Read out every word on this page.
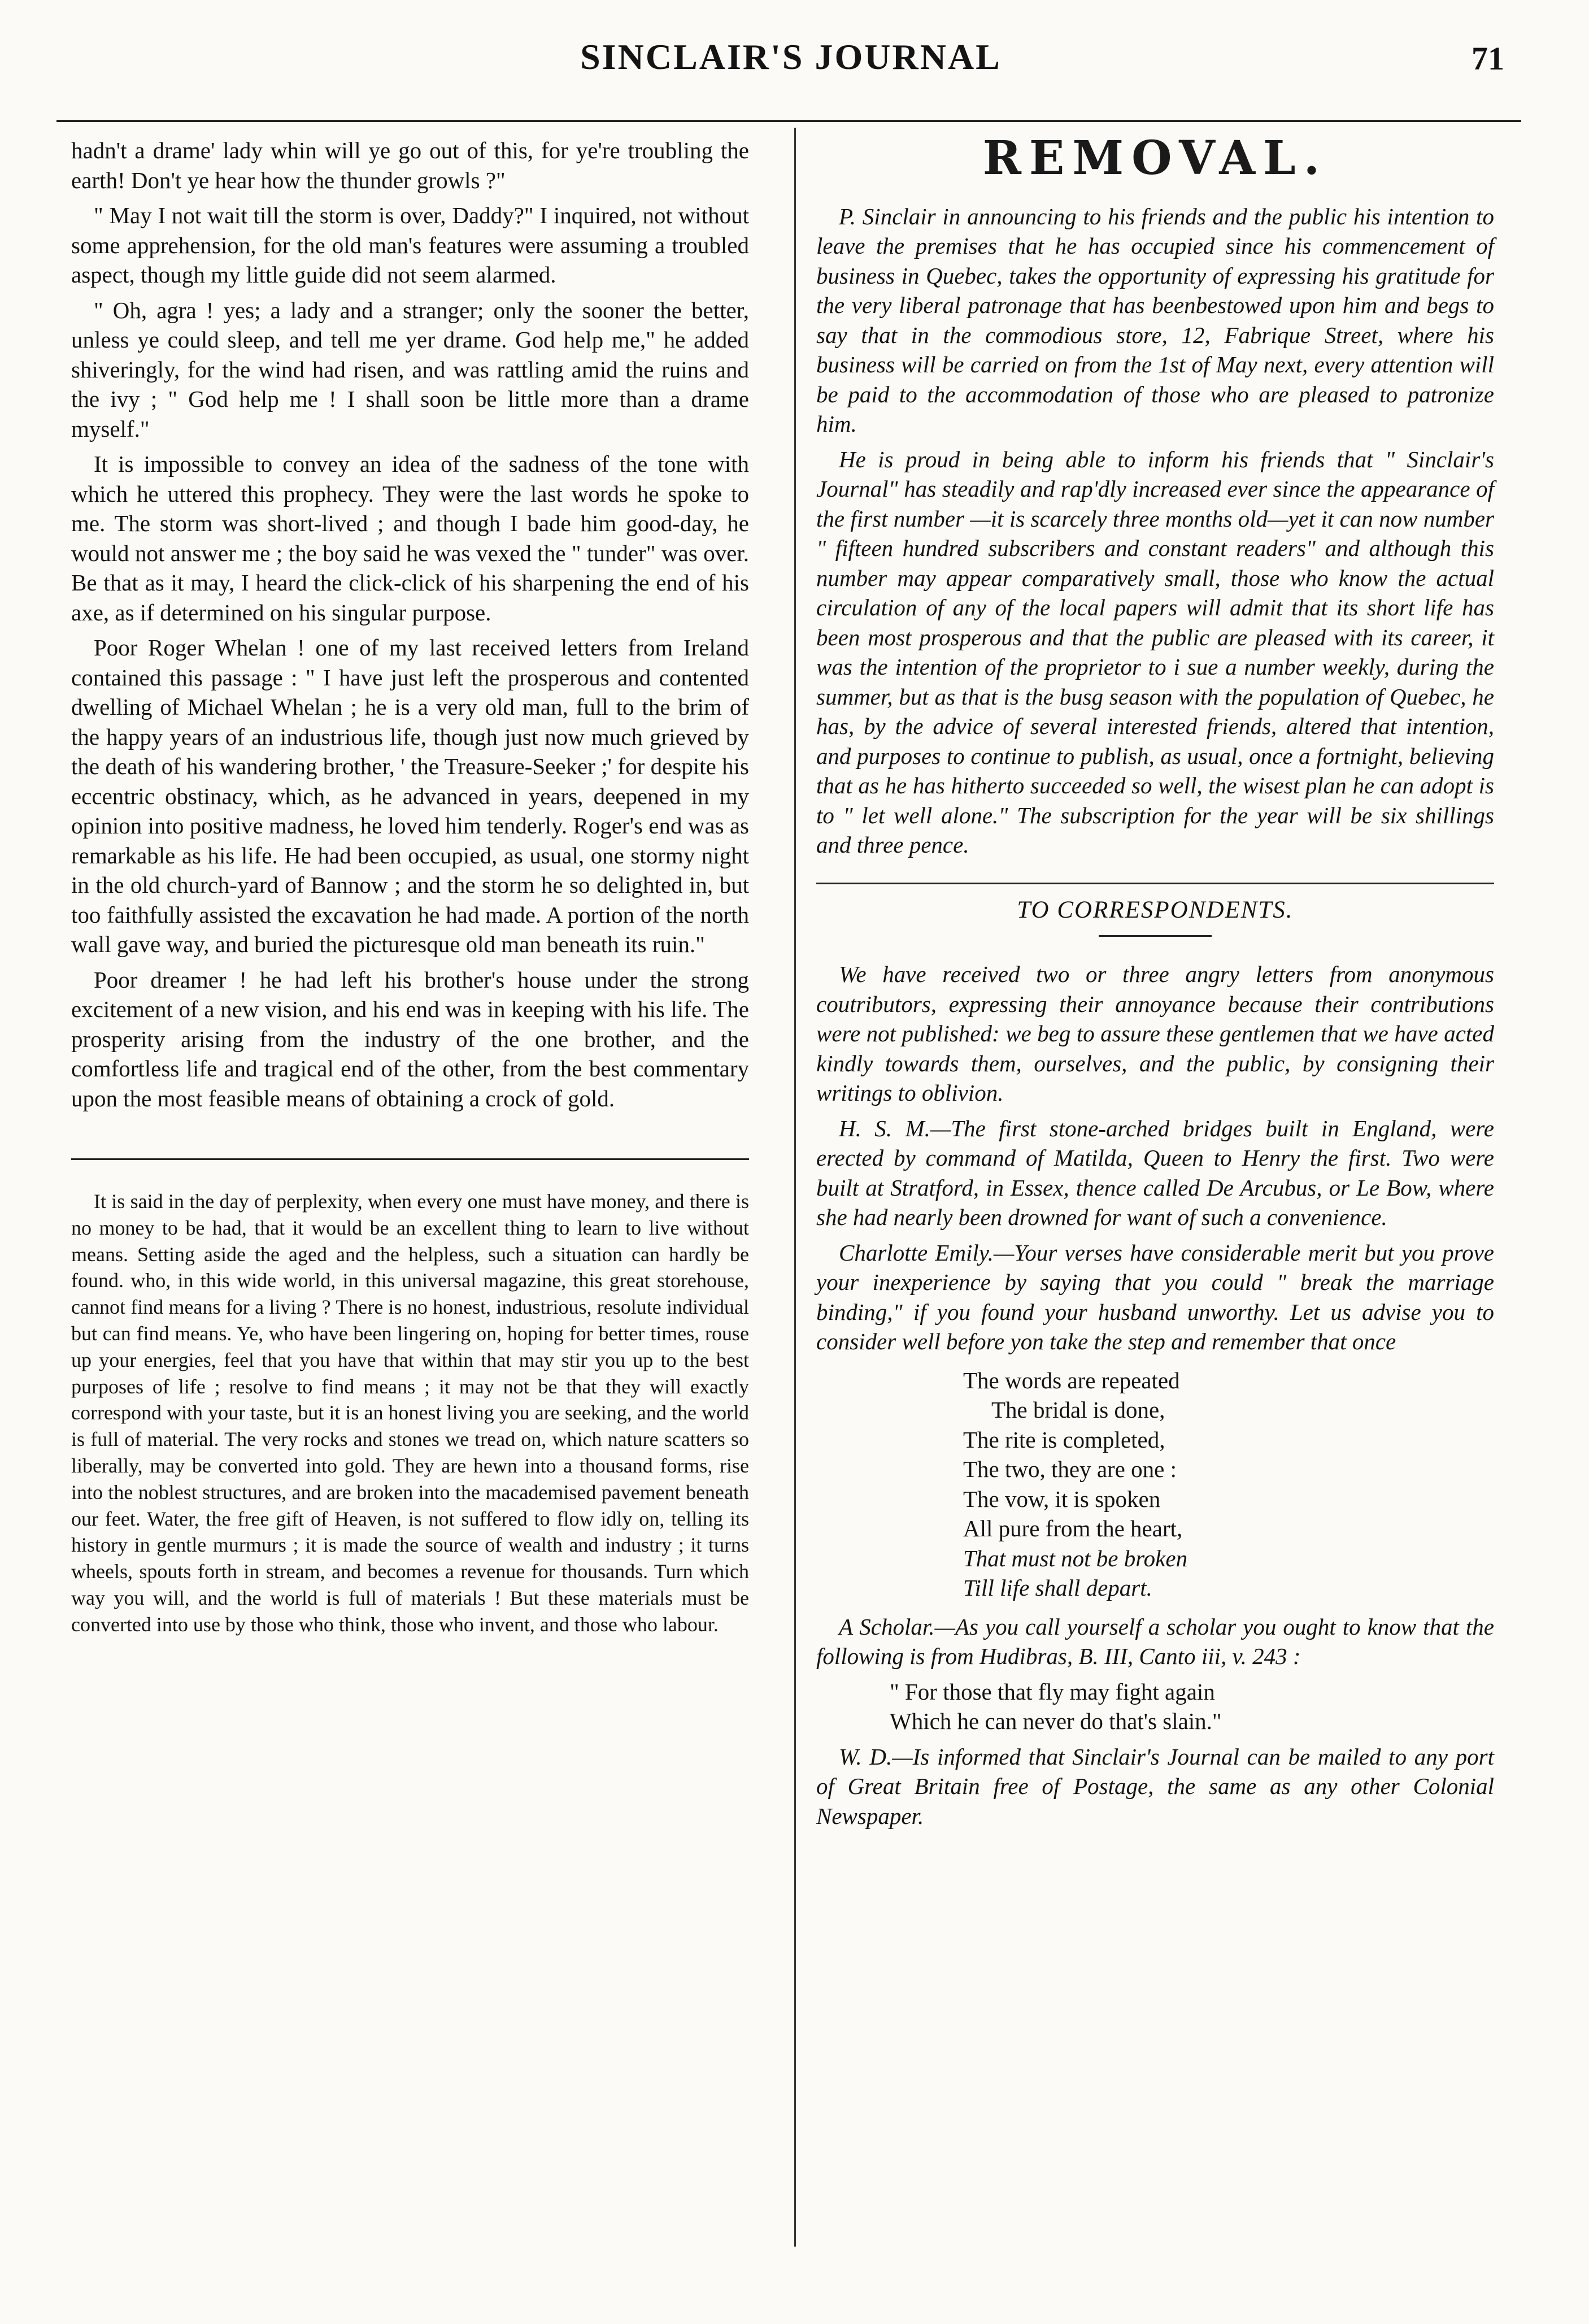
SINCLAIR'S JOURNAL	71

hadn't a drame' lady whin will ye go out of this, for ye're troubling the earth! Don't ye hear how the thunder growls ?"

" May I not wait till the storm is over, Daddy?" I inquired, not without some apprehension, for the old man's features were assuming a troubled aspect, though my little guide did not seem alarmed.

" Oh, agra ! yes; a lady and a stranger; only the sooner the better, unless ye could sleep, and tell me yer drame. God help me," he added shiveringly, for the wind had risen, and was rattling amid the ruins and the ivy ; " God help me ! I shall soon be little more than a drame myself."

It is impossible to convey an idea of the sadness of the tone with which he uttered this prophecy. They were the last words he spoke to me. The storm was short-lived ; and though I bade him good-day, he would not answer me ; the boy said he was vexed the " tunder" was over. Be that as it may, I heard the click-click of his sharpening the end of his axe, as if determined on his singular purpose.

Poor Roger Whelan ! one of my last received letters from Ireland contained this passage : " I have just left the prosperous and contented dwelling of Michael Whelan ; he is a very old man, full to the brim of the happy years of an industrious life, though just now much grieved by the death of his wandering brother, ' the Treasure-Seeker ;' for despite his eccentric obstinacy, which, as he advanced in years, deepened in my opinion into positive madness, he loved him tenderly. Roger's end was as remarkable as his life. He had been occupied, as usual, one stormy night in the old church-yard of Bannow ; and the storm he so delighted in, but too faithfully assisted the excavation he had made. A portion of the north wall gave way, and buried the picturesque old man beneath its ruin."

Poor dreamer ! he had left his brother's house under the strong excitement of a new vision, and his end was in keeping with his life. The prosperity arising from the industry of the one brother, and the comfortless life and tragical end of the other, from the best commentary upon the most feasible means of obtaining a crock of gold.

It is said in the day of perplexity, when every one must have money, and there is no money to be had, that it would be an excellent thing to learn to live without means. Setting aside the aged and the helpless, such a situation can hardly be found. who, in this wide world, in this universal magazine, this great storehouse, cannot find means for a living ? There is no honest, industrious, resolute individual but can find means. Ye, who have been lingering on, hoping for better times, rouse up your energies, feel that you have that within that may stir you up to the best purposes of life ; resolve to find means ; it may not be that they will exactly correspond with your taste, but it is an honest living you are seeking, and the world is full of material. The very rocks and stones we tread on, which nature scatters so liberally, may be converted into gold. They are hewn into a thousand forms, rise into the noblest structures, and are broken into the macademised pavement beneath our feet. Water, the free gift of Heaven, is not suffered to flow idly on, telling its history in gentle murmurs ; it is made the source of wealth and industry ; it turns wheels, spouts forth in stream, and becomes a revenue for thousands. Turn which way you will, and the world is full of materials ! But these materials must be converted into use by those who think, those who invent, and those who labour.

REMOVAL.

P. Sinclair in announcing to his friends and the public his intention to leave the premises that he has occupied since his commencement of business in Quebec, takes the opportunity of expressing his gratitude for the very liberal patronage that has beenbestowed upon him and begs to say that in the commodious store, 12, Fabrique Street, where his business will be carried on from the 1st of May next, every attention will be paid to the accommodation of those who are pleased to patronize him.

He is proud in being able to inform his friends that " Sinclair's Journal" has steadily and rap'dly increased ever since the appearance of the first number —it is scarcely three months old—yet it can now number " fifteen hundred subscribers and constant readers" and although this number may appear comparatively small, those who know the actual circulation of any of the local papers will admit that its short life has been most prosperous and that the public are pleased with its career, it was the intention of the proprietor to i sue a number weekly, during the summer, but as that is the busg season with the population of Quebec, he has, by the advice of several interested friends, altered that intention, and purposes to continue to publish, as usual, once a fortnight, believing that as he has hitherto succeeded so well, the wisest plan he can adopt is to " let well alone." The subscription for the year will be six shillings and three pence.

TO CORRESPONDENTS.

We have received two or three angry letters from anonymous coutributors, expressing their annoyance because their contributions were not published: we beg to assure these gentlemen that we have acted kindly towards them, ourselves, and the public, by consigning their writings to oblivion.

H. S. M.—The first stone-arched bridges built in England, were erected by command of Matilda, Queen to Henry the first. Two were built at Stratford, in Essex, thence called De Arcubus, or Le Bow, where she had nearly been drowned for want of such a convenience.

Charlotte Emily.—Your verses have considerable merit but you prove your inexperience by saying that you could " break the marriage binding," if you found your husband unworthy. Let us advise you to consider well before yon take the step and remember that once

The words are repeated
The bridal is done,
The rite is completed,
The two, they are one :
The vow, it is spoken
All pure from the heart,
That must not be broken
Till life shall depart.

A Scholar.—As you call yourself a scholar you ought to know that the following is from Hudibras, B. III, Canto iii, v. 243 :

" For those that fly may fight again
Which he can never do that's slain."

W. D.—Is informed that Sinclair's Journal can be mailed to any port of Great Britain free of Postage, the same as any other Colonial Newspaper.
